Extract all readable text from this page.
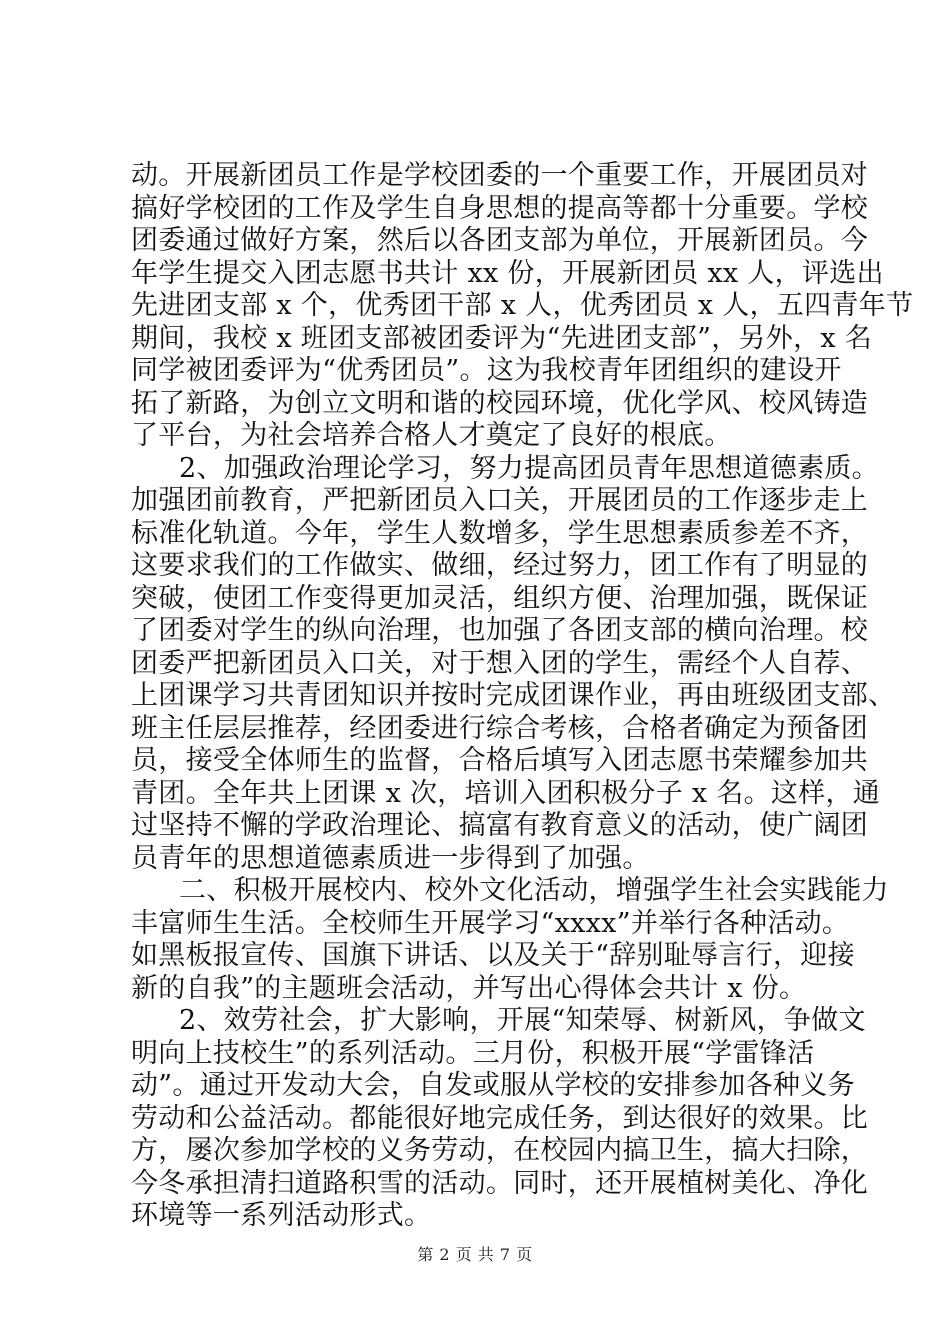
动。开展新团员工作是学校团委的一个重要工作，开展团员对
搞好学校团的工作及学生自身思想的提高等都十分重要。学校
团委通过做好方案，然后以各团支部为单位，开展新团员。今
年学生提交入团志愿书共计 xx 份，开展新团员 xx 人，评选出
先进团支部 x 个，优秀团干部 x 人，优秀团员 x 人，五四青年节
期间，我校 x 班团支部被团委评为“先进团支部”，另外，x 名
同学被团委评为“优秀团员”。这为我校青年团组织的建设开
拓了新路，为创立文明和谐的校园环境，优化学风、校风铸造
了平台，为社会培养合格人才奠定了良好的根底。
2、加强政治理论学习，努力提高团员青年思想道德素质。
加强团前教育，严把新团员入口关，开展团员的工作逐步走上
标准化轨道。今年，学生人数增多，学生思想素质参差不齐，
这要求我们的工作做实、做细，经过努力，团工作有了明显的
突破，使团工作变得更加灵活，组织方便、治理加强，既保证
了团委对学生的纵向治理，也加强了各团支部的横向治理。校
团委严把新团员入口关，对于想入团的学生，需经个人自荐、
上团课学习共青团知识并按时完成团课作业，再由班级团支部、
班主任层层推荐，经团委进行综合考核，合格者确定为预备团
员，接受全体师生的监督，合格后填写入团志愿书荣耀参加共
青团。全年共上团课 x 次，培训入团积极分子 x 名。这样，通
过坚持不懈的学政治理论、搞富有教育意义的活动，使广阔团
员青年的思想道德素质进一步得到了加强。
二、积极开展校内、校外文化活动，增强学生社会实践能力
丰富师生生活。全校师生开展学习“xxxx”并举行各种活动。
如黑板报宣传、国旗下讲话、以及关于“辞别耻辱言行，迎接
新的自我”的主题班会活动，并写出心得体会共计 x 份。
2、效劳社会，扩大影响，开展“知荣辱、树新风，争做文
明向上技校生”的系列活动。三月份，积极开展“学雷锋活
动”。通过开发动大会，自发或服从学校的安排参加各种义务
劳动和公益活动。都能很好地完成任务，到达很好的效果。比
方，屡次参加学校的义务劳动，在校园内搞卫生，搞大扫除，
今冬承担清扫道路积雪的活动。同时，还开展植树美化、净化
环境等一系列活动形式。
第 2 页 共 7 页
